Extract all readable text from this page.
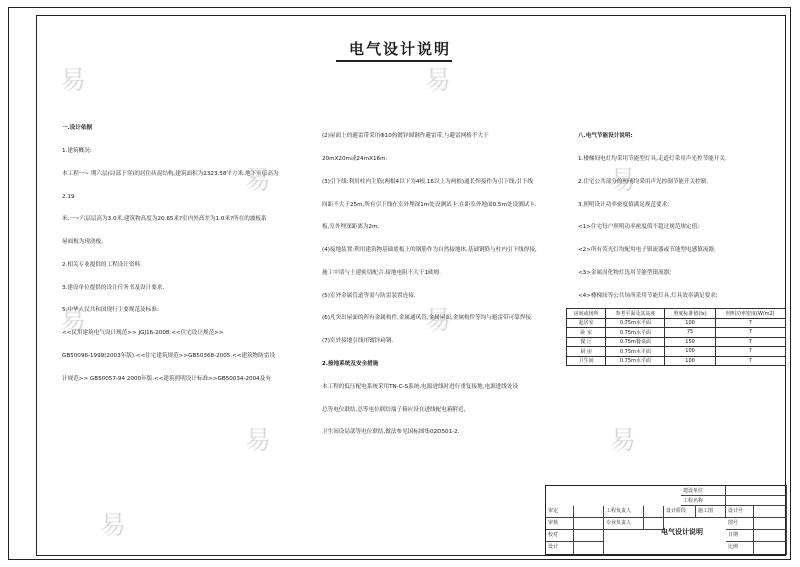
易
易
易
易
易	易
易	易
易
电气设计说明

一.设计依据

1.建筑概况:

本工程一~ 期六层(局部下穿)的居住砖混结构,建筑面积为2323.58平方米,地下室层高为

2.19

米,一~六层层高为3.0米,建筑物高度为20.65米?室内外高差为1.0米?所在的坡板系

屋面板为现浇板。

2.相关专业提供的工程设计资料.

3.建设单位提供的设计任务书及设计要求.

5.中华人民共和国现行主要规范及标准:

<<民用建筑电气设计规范>> JGJ16-2008.<<住宅设计规范>>

GB50096-1999(2003年版).<<住宅建筑规范>>GB50368-2005.<<建筑物防雷设

计规范>> GB50057-94 2000年版.<<建筑照明设计标准>>GB50034-2004及有

(2)屋面上的避雷带采用Φ10热镀锌圆钢作避雷带,与避雷网格不大于

20mX20m或24mX16m.

(3)引下线:利用柱内主筋(两根4以下为4根,16以上为两根)通长焊接作为引下线,引下线

间距不大于25m,所有引下线在室外埋深1m处设测试卡,在距室外地面0.5m处设测试卡.

板,室外埋深距离为2m.

(4)接地装置:利用建筑物基础底板上的钢筋作为自然接地体,基础钢筋与柱内引下线焊接,

施工中请与土建密切配合.接地电阻不大于1欧姆.

(5)室外金属管道等需与防雷装置连接.

(6)凡突出屋面的所有金属构件,金属通风管,金属屋面,金属构件等均与避雷带可靠焊接.

(7)室外接地引线用镀锌扁钢.

2.接地系统及安全措施

本工程的低压配电系统采用TN-C-S系统,电源进线时进行重复接地,电源进线处设

总等电位联结,总等电位联结端子箱应设在进线配电箱附近,

卫生间设局部等电位联结,做法参见国标图集02D501-2.

八.电气节能设计说明:

1.楼梯间电灯均采用节能型灯具,走道灯采用声光控节能开关.

2.住宅公共部分的照明均采用声光控制节能开关控制.

3.照明设计功率密度值满足规范要求:

<1>住宅每户照明功率密度值不超过规范规定值;

<2>所有荧光灯均配用电子镇流器或节能型电感镇流器,

<3>金属卤化物灯选用节能型镇流器;

<4>楼梯间等公共场所采用节能灯具,灯具效率满足要求;

房间或场所	参考平面及其高度	照度标准值(lx)	照明功率密度(W/m2)
起居室	0.75m水平面	100	7
卧 室	0.75m水平面	75	7
餐 厅	0.75m餐桌面	150	7
厨 房	0.75m水平面	100	7
卫生间	0.75m水平面	100	7
建设单位
工程名称
审定	工程负责人	设计阶段	施工图	设计号
审核	专业负责人	图号
校对	日期
设计	比例
电气设计说明
